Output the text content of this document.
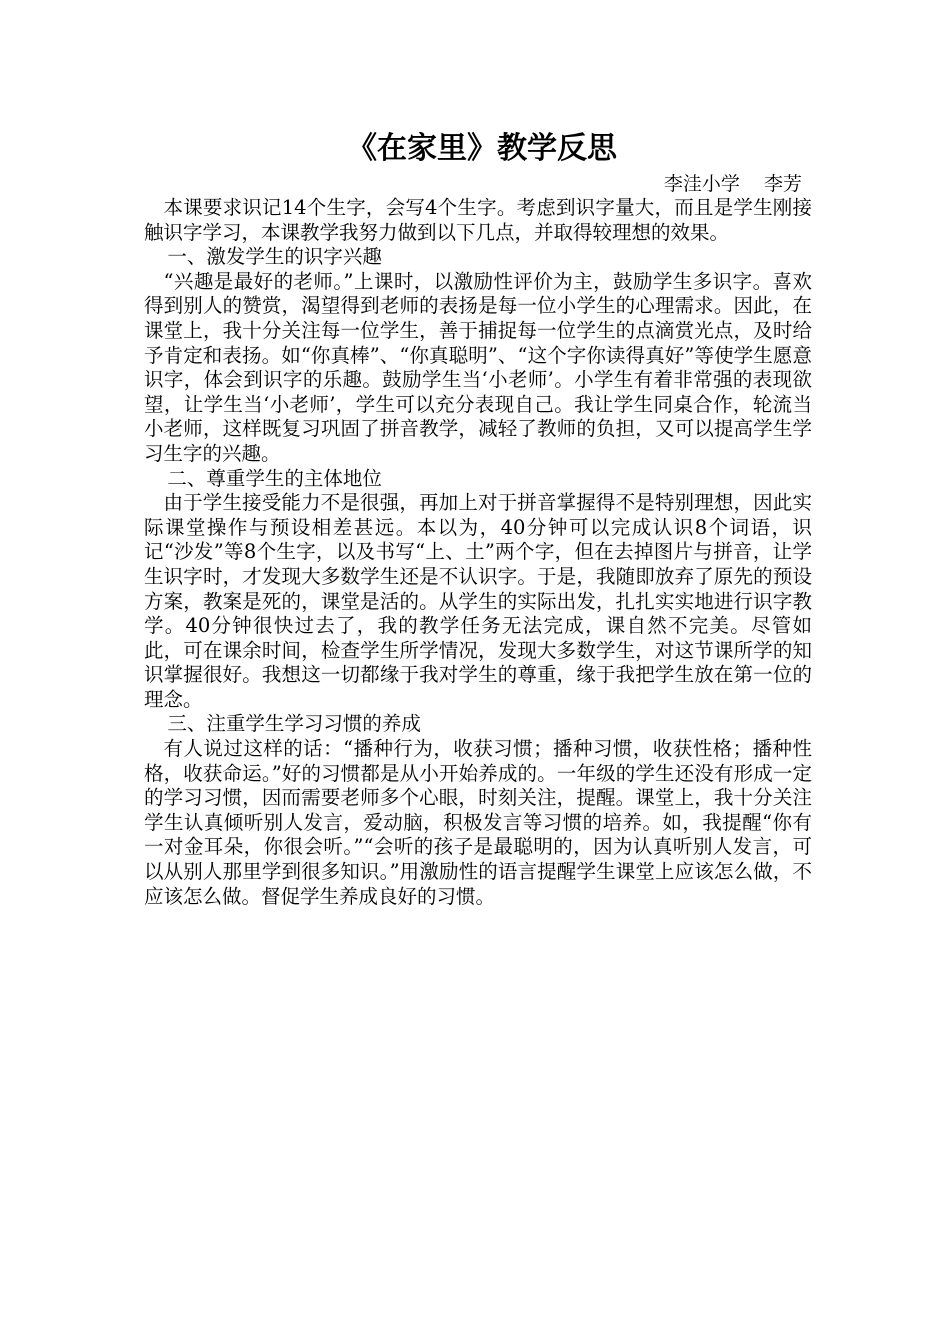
《在家里》教学反思

李洼小学    李芳

本课要求识记14个生字，会写4个生字。考虑到识字量大，而且是学生刚接触识字学习，本课教学我努力做到以下几点，并取得较理想的效果。

一、激发学生的识字兴趣

“兴趣是最好的老师。”上课时，以激励性评价为主，鼓励学生多识字。喜欢得到别人的赞赏，渴望得到老师的表扬是每一位小学生的心理需求。因此，在课堂上，我十分关注每一位学生，善于捕捉每一位学生的点滴赏光点，及时给予肯定和表扬。如“你真棒”、“你真聪明”、“这个字你读得真好”等使学生愿意识字，体会到识字的乐趣。鼓励学生当‘小老师’。小学生有着非常强的表现欲望，让学生当‘小老师’，学生可以充分表现自己。我让学生同桌合作，轮流当小老师，这样既复习巩固了拼音教学，减轻了教师的负担，又可以提高学生学习生字的兴趣。

二、尊重学生的主体地位

由于学生接受能力不是很强，再加上对于拼音掌握得不是特别理想，因此实际课堂操作与预设相差甚远。本以为，40分钟可以完成认识8个词语，识记“沙发”等8个生字，以及书写“上、土”两个字，但在去掉图片与拼音，让学生识字时，才发现大多数学生还是不认识字。于是，我随即放弃了原先的预设方案，教案是死的，课堂是活的。从学生的实际出发，扎扎实实地进行识字教学。40分钟很快过去了，我的教学任务无法完成，课自然不完美。尽管如此，可在课余时间，检查学生所学情况，发现大多数学生，对这节课所学的知识掌握很好。我想这一切都缘于我对学生的尊重，缘于我把学生放在第一位的理念。

三、注重学生学习习惯的养成

有人说过这样的话：“播种行为，收获习惯；播种习惯，收获性格；播种性格，收获命运。”好的习惯都是从小开始养成的。一年级的学生还没有形成一定的学习习惯，因而需要老师多个心眼，时刻关注，提醒。课堂上，我十分关注学生认真倾听别人发言，爱动脑，积极发言等习惯的培养。如，我提醒“你有一对金耳朵，你很会听。”“会听的孩子是最聪明的，因为认真听别人发言，可以从别人那里学到很多知识。”用激励性的语言提醒学生课堂上应该怎么做，不应该怎么做。督促学生养成良好的习惯。
